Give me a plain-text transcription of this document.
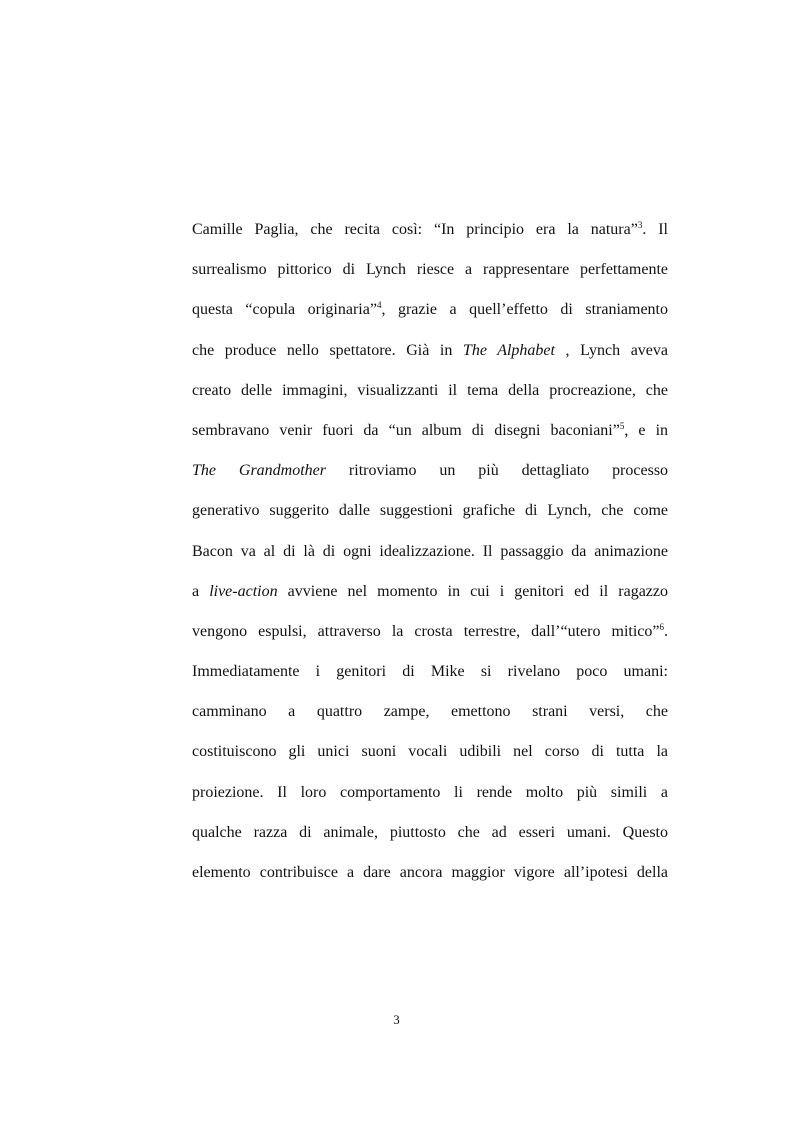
Camille Paglia, che recita così: “In principio era la natura”$^3$. Il
surrealismo pittorico di Lynch riesce a rappresentare perfettamente
questa “copula originaria”$^4$, grazie a quell’effetto di straniamento
che produce nello spettatore. Già in The Alphabet , Lynch aveva
creato delle immagini, visualizzanti il tema della procreazione, che
sembravano venir fuori da “un album di disegni baconiani”$^5$, e in
The Grandmother ritroviamo un più dettagliato processo
generativo suggerito dalle suggestioni grafiche di Lynch, che come
Bacon va al di là di ogni idealizzazione. Il passaggio da animazione
a live-action avviene nel momento in cui i genitori ed il ragazzo
vengono espulsi, attraverso la crosta terrestre, dall’“utero mitico”$^6$.
Immediatamente i genitori di Mike si rivelano poco umani:
camminano a quattro zampe, emettono strani versi, che
costituiscono gli unici suoni vocali udibili nel corso di tutta la
proiezione. Il loro comportamento li rende molto più simili a
qualche razza di animale, piuttosto che ad esseri umani. Questo
elemento contribuisce a dare ancora maggior vigore all’ipotesi della
3
